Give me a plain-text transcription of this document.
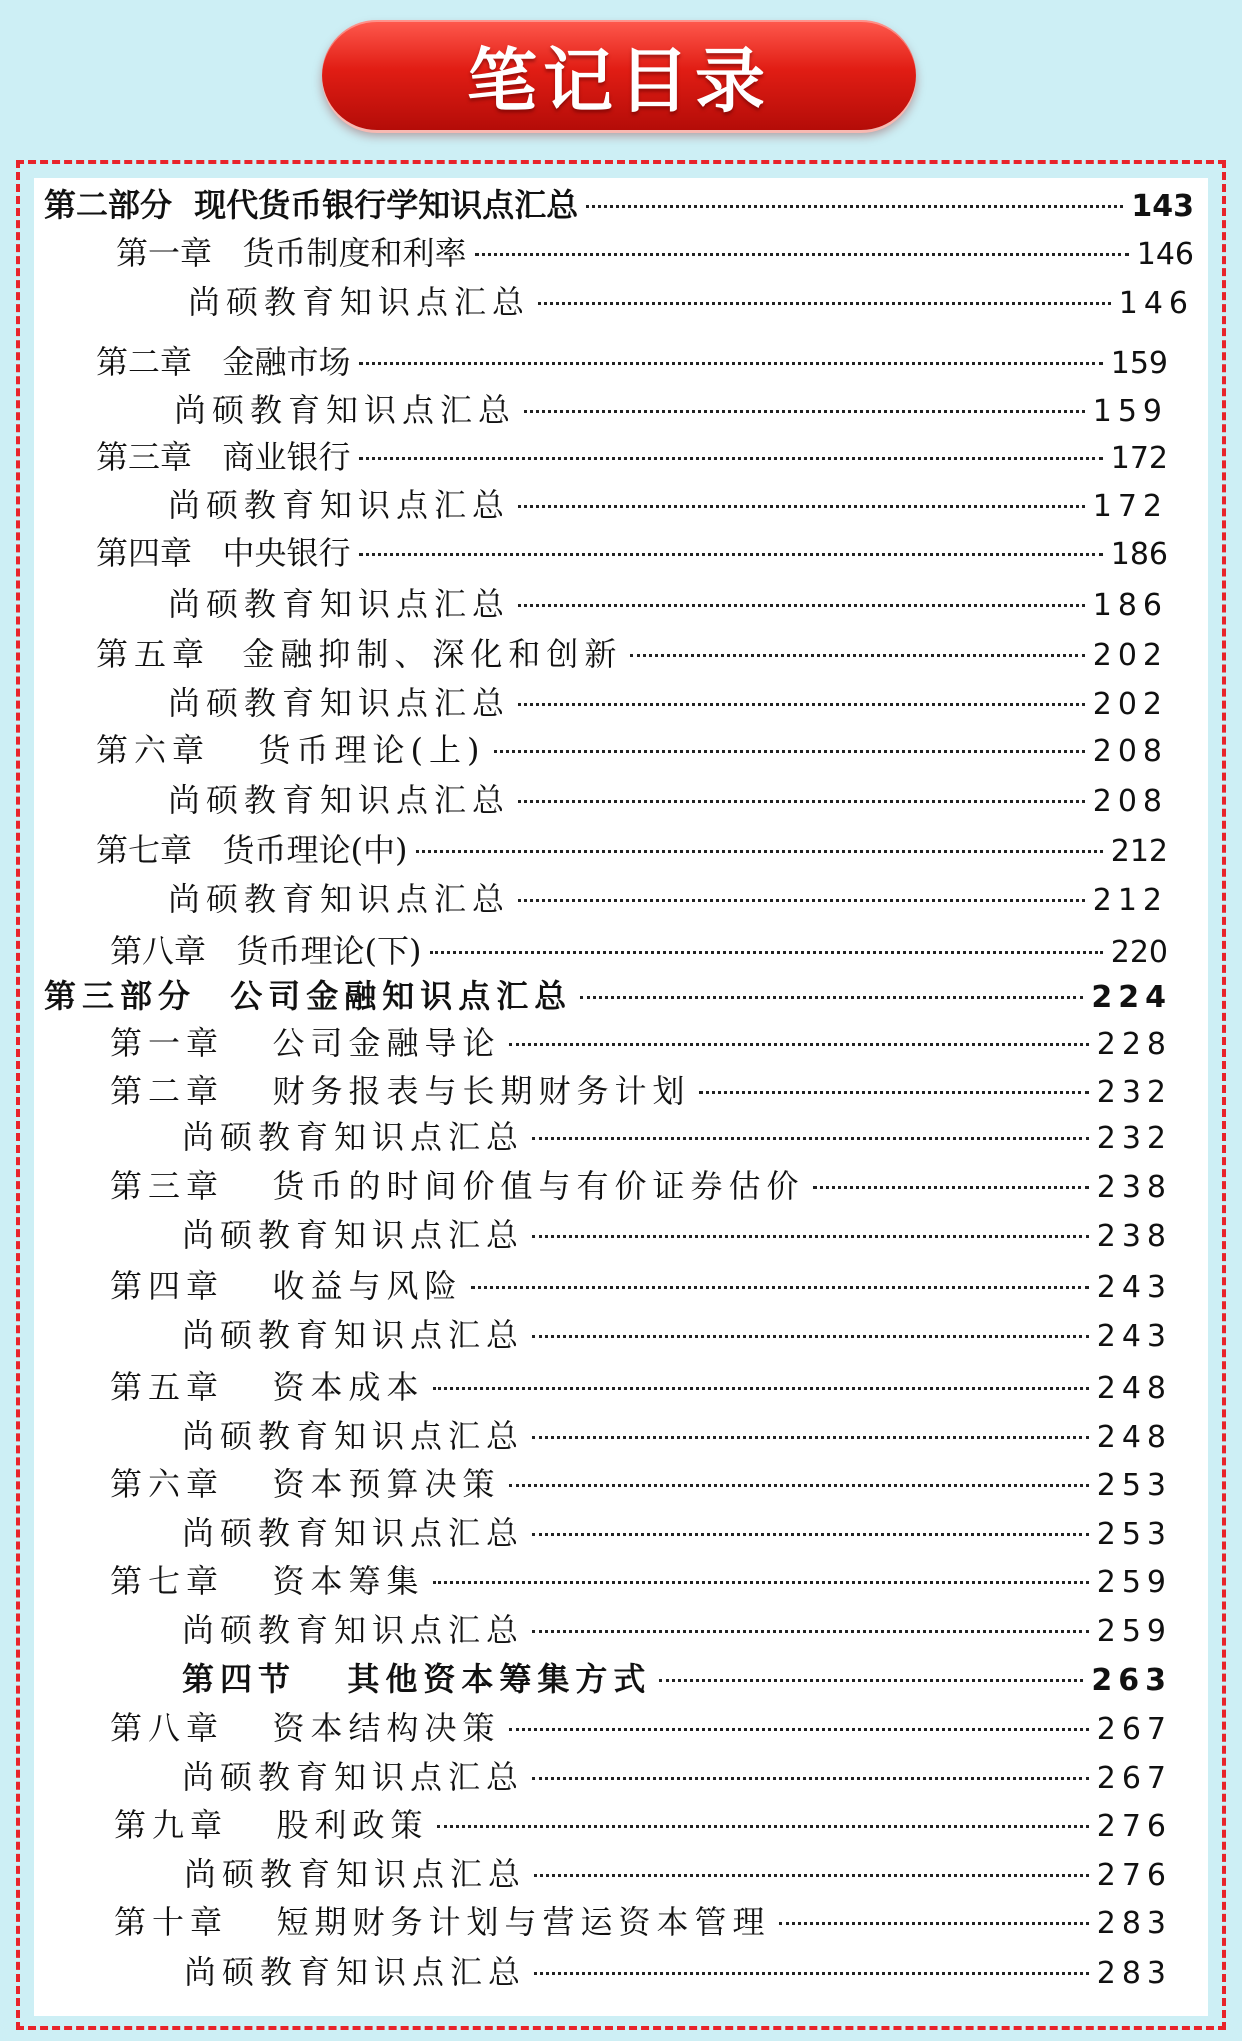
笔记目录
第二部分  现代货币银行学知识点汇总	143
第一章   货币制度和利率	146
尚硕教育知识点汇总	146
第二章   金融市场	159
尚硕教育知识点汇总	159
第三章   商业银行	172
尚硕教育知识点汇总	172
第四章   中央银行	186
尚硕教育知识点汇总	186
第五章  金融抑制、深化和创新	202
尚硕教育知识点汇总	202
第六章   货币理论(上)	208
尚硕教育知识点汇总	208
第七章   货币理论(中)	212
尚硕教育知识点汇总	212
第八章   货币理论(下)	220
第三部分  公司金融知识点汇总	224
第一章   公司金融导论	228
第二章   财务报表与长期财务计划	232
尚硕教育知识点汇总	232
第三章   货币的时间价值与有价证券估价	238
尚硕教育知识点汇总	238
第四章   收益与风险	243
尚硕教育知识点汇总	243
第五章   资本成本	248
尚硕教育知识点汇总	248
第六章   资本预算决策	253
尚硕教育知识点汇总	253
第七章   资本筹集	259
尚硕教育知识点汇总	259
第四节   其他资本筹集方式	263
第八章   资本结构决策	267
尚硕教育知识点汇总	267
第九章   股利政策	276
尚硕教育知识点汇总	276
第十章   短期财务计划与营运资本管理	283
尚硕教育知识点汇总	283
